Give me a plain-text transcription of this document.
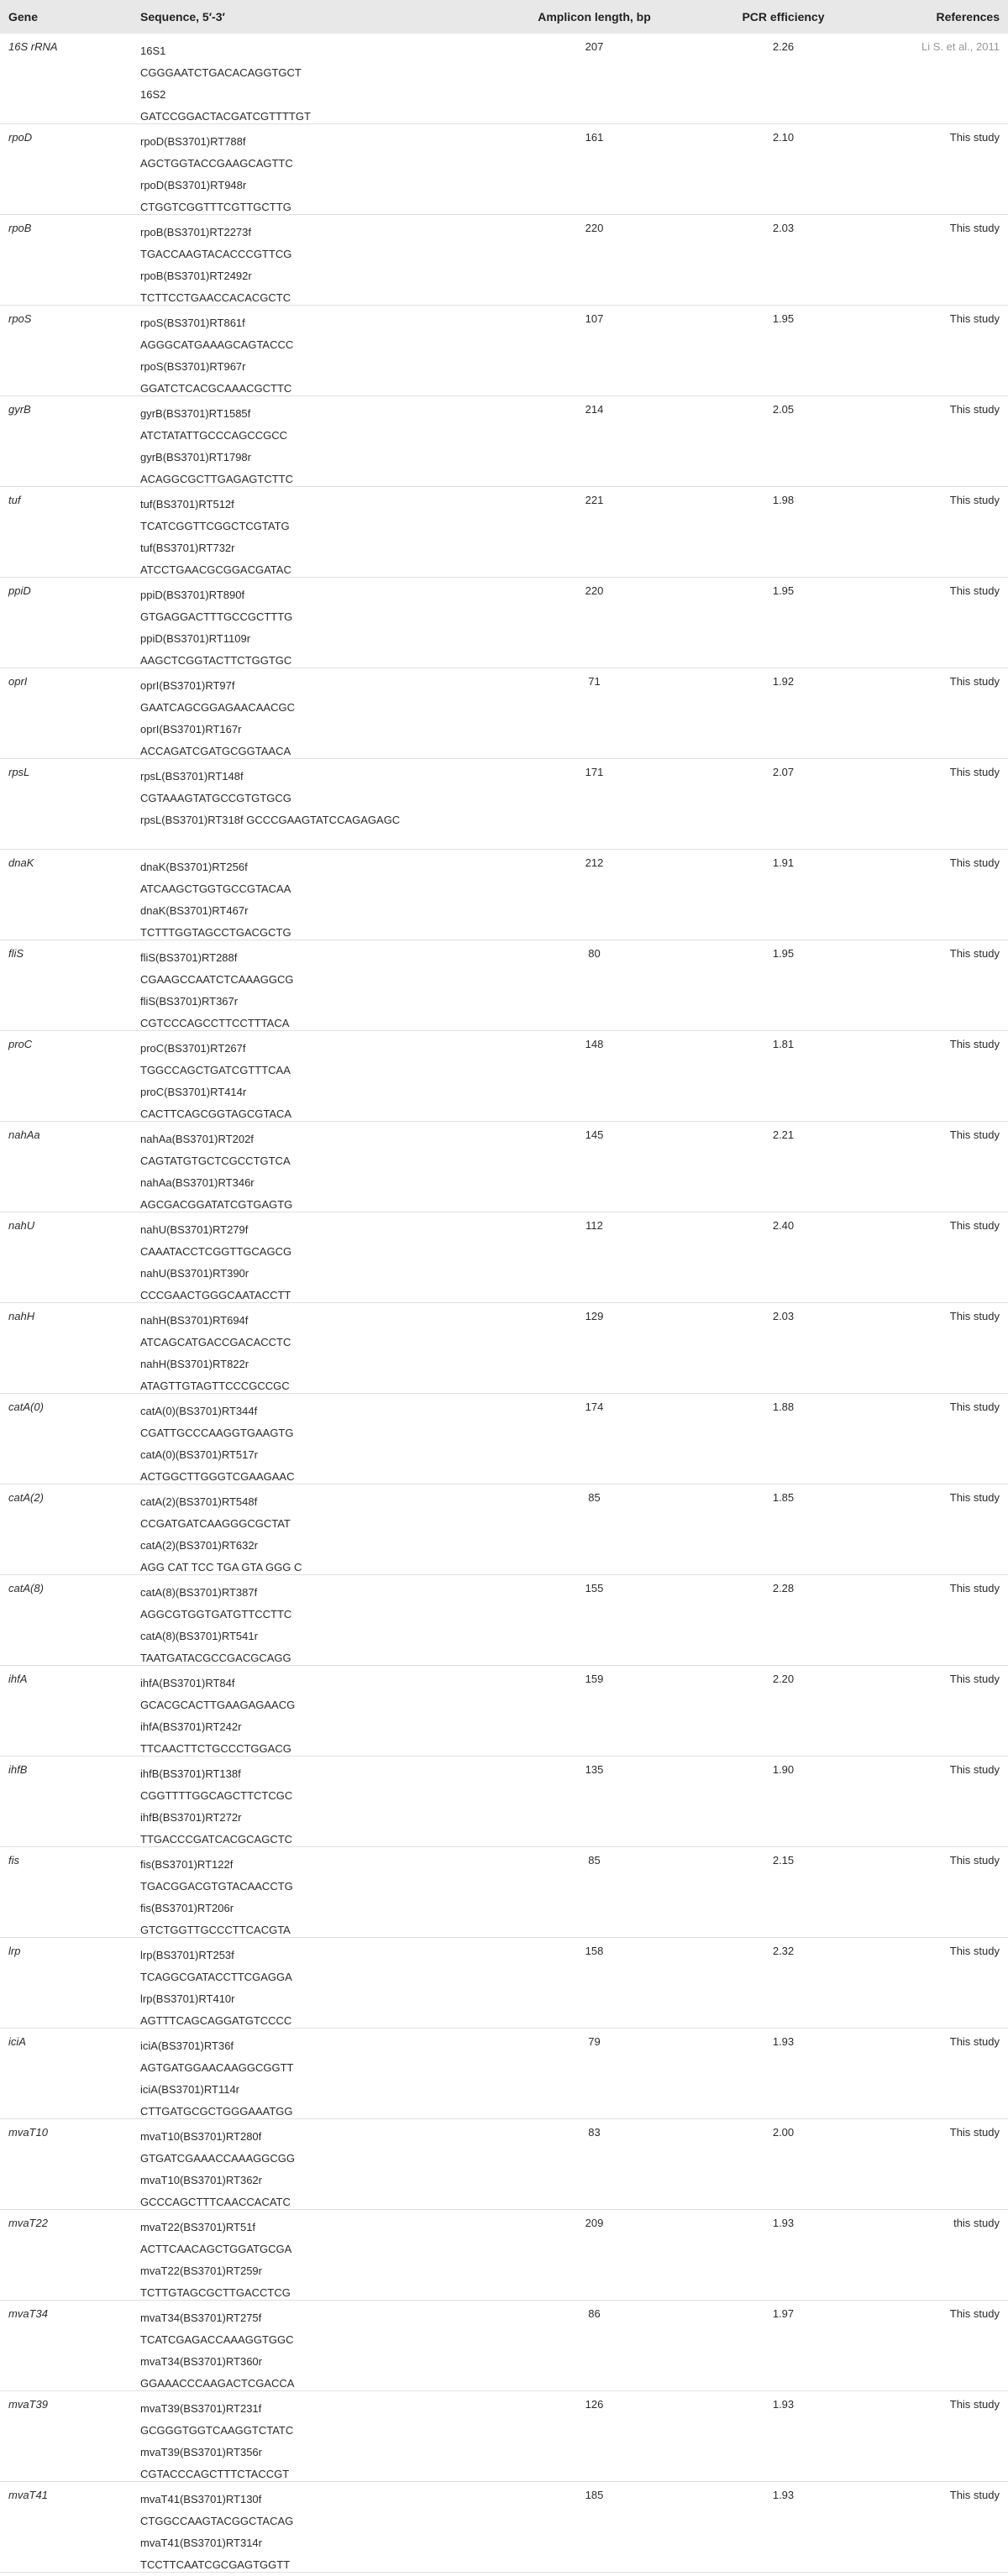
Gene	Sequence, 5′-3′	Amplicon length, bp	PCR efficiency	References
16S rRNA	16S1
CGGGAATCTGACACAGGTGCT
16S2
GATCCGGACTACGATCGTTTTGT
207	2.26	Li S. et al., 2011
rpoD	rpoD(BS3701)RT788f
AGCTGGTACCGAAGCAGTTC
rpoD(BS3701)RT948r
CTGGTCGGTTTCGTTGCTTG
161	2.10	This study
rpoB	rpoB(BS3701)RT2273f
TGACCAAGTACACCCGTTCG
rpoB(BS3701)RT2492r
TCTTCCTGAACCACACGCTC
220	2.03	This study
rpoS	rpoS(BS3701)RT861f
AGGGCATGAAAGCAGTACCC
rpoS(BS3701)RT967r
GGATCTCACGCAAACGCTTC
107	1.95	This study
gyrB	gyrB(BS3701)RT1585f
ATCTATATTGCCCAGCCGCC
gyrB(BS3701)RT1798r
ACAGGCGCTTGAGAGTCTTC
214	2.05	This study
tuf	tuf(BS3701)RT512f
TCATCGGTTCGGCTCGTATG
tuf(BS3701)RT732r
ATCCTGAACGCGGACGATAC
221	1.98	This study
ppiD	ppiD(BS3701)RT890f
GTGAGGACTTTGCCGCTTTG
ppiD(BS3701)RT1109r
AAGCTCGGTACTTCTGGTGC
220	1.95	This study
oprI	oprI(BS3701)RT97f
GAATCAGCGGAGAACAACGC
oprI(BS3701)RT167r
ACCAGATCGATGCGGTAACA
71	1.92	This study
rpsL	rpsL(BS3701)RT148f
CGTAAAGTATGCCGTGTGCG
rpsL(BS3701)RT318f GCCCGAAGTATCCAGAGAGC
171	2.07	This study
dnaK	dnaK(BS3701)RT256f
ATCAAGCTGGTGCCGTACAA
dnaK(BS3701)RT467r
TCTTTGGTAGCCTGACGCTG
212	1.91	This study
fliS	fliS(BS3701)RT288f
CGAAGCCAATCTCAAAGGCG
fliS(BS3701)RT367r
CGTCCCAGCCTTCCTTTACA
80	1.95	This study
proC	proC(BS3701)RT267f
TGGCCAGCTGATCGTTTCAA
proC(BS3701)RT414r
CACTTCAGCGGTAGCGTACA
148	1.81	This study
nahAa	nahAa(BS3701)RT202f
CAGTATGTGCTCGCCTGTCA
nahAa(BS3701)RT346r
AGCGACGGATATCGTGAGTG
145	2.21	This study
nahU	nahU(BS3701)RT279f
CAAATACCTCGGTTGCAGCG
nahU(BS3701)RT390r
CCCGAACTGGGCAATACCTT
112	2.40	This study
nahH	nahH(BS3701)RT694f
ATCAGCATGACCGACACCTC
nahH(BS3701)RT822r
ATAGTTGTAGTTCCCGCCGC
129	2.03	This study
catA(0)	catA(0)(BS3701)RT344f
CGATTGCCCAAGGTGAAGTG
catA(0)(BS3701)RT517r
ACTGGCTTGGGTCGAAGAAC
174	1.88	This study
catA(2)	catA(2)(BS3701)RT548f
CCGATGATCAAGGGCGCTAT
catA(2)(BS3701)RT632r
AGG CAT TCC TGA GTA GGG C
85	1.85	This study
catA(8)	catA(8)(BS3701)RT387f
AGGCGTGGTGATGTTCCTTC
catA(8)(BS3701)RT541r
TAATGATACGCCGACGCAGG
155	2.28	This study
ihfA	ihfA(BS3701)RT84f
GCACGCACTTGAAGAGAACG
ihfA(BS3701)RT242r
TTCAACTTCTGCCCTGGACG
159	2.20	This study
ihfB	ihfB(BS3701)RT138f
CGGTTTTGGCAGCTTCTCGC
ihfB(BS3701)RT272r
TTGACCCGATCACGCAGCTC
135	1.90	This study
fis	fis(BS3701)RT122f
TGACGGACGTGTACAACCTG
fis(BS3701)RT206r
GTCTGGTTGCCCTTCACGTA
85	2.15	This study
lrp	lrp(BS3701)RT253f
TCAGGCGATACCTTCGAGGA
lrp(BS3701)RT410r
AGTTTCAGCAGGATGTCCCC
158	2.32	This study
iciA	iciA(BS3701)RT36f
AGTGATGGAACAAGGCGGTT
iciA(BS3701)RT114r
CTTGATGCGCTGGGAAATGG
79	1.93	This study
mvaT10	mvaT10(BS3701)RT280f
GTGATCGAAACCAAAGGCGG
mvaT10(BS3701)RT362r
GCCCAGCTTTCAACCACATC
83	2.00	This study
mvaT22	mvaT22(BS3701)RT51f
ACTTCAACAGCTGGATGCGA
mvaT22(BS3701)RT259r
TCTTGTAGCGCTTGACCTCG
209	1.93	this study
mvaT34	mvaT34(BS3701)RT275f
TCATCGAGACCAAAGGTGGC
mvaT34(BS3701)RT360r
GGAAACCCAAGACTCGACCA
86	1.97	This study
mvaT39	mvaT39(BS3701)RT231f
GCGGGTGGTCAAGGTCTATC
mvaT39(BS3701)RT356r
CGTACCCAGCTTTCTACCGT
126	1.93	This study
mvaT41	mvaT41(BS3701)RT130f
CTGGCCAAGTACGGCTACAG
mvaT41(BS3701)RT314r
TCCTTCAATCGCGAGTGGTT
185	1.93	This study
